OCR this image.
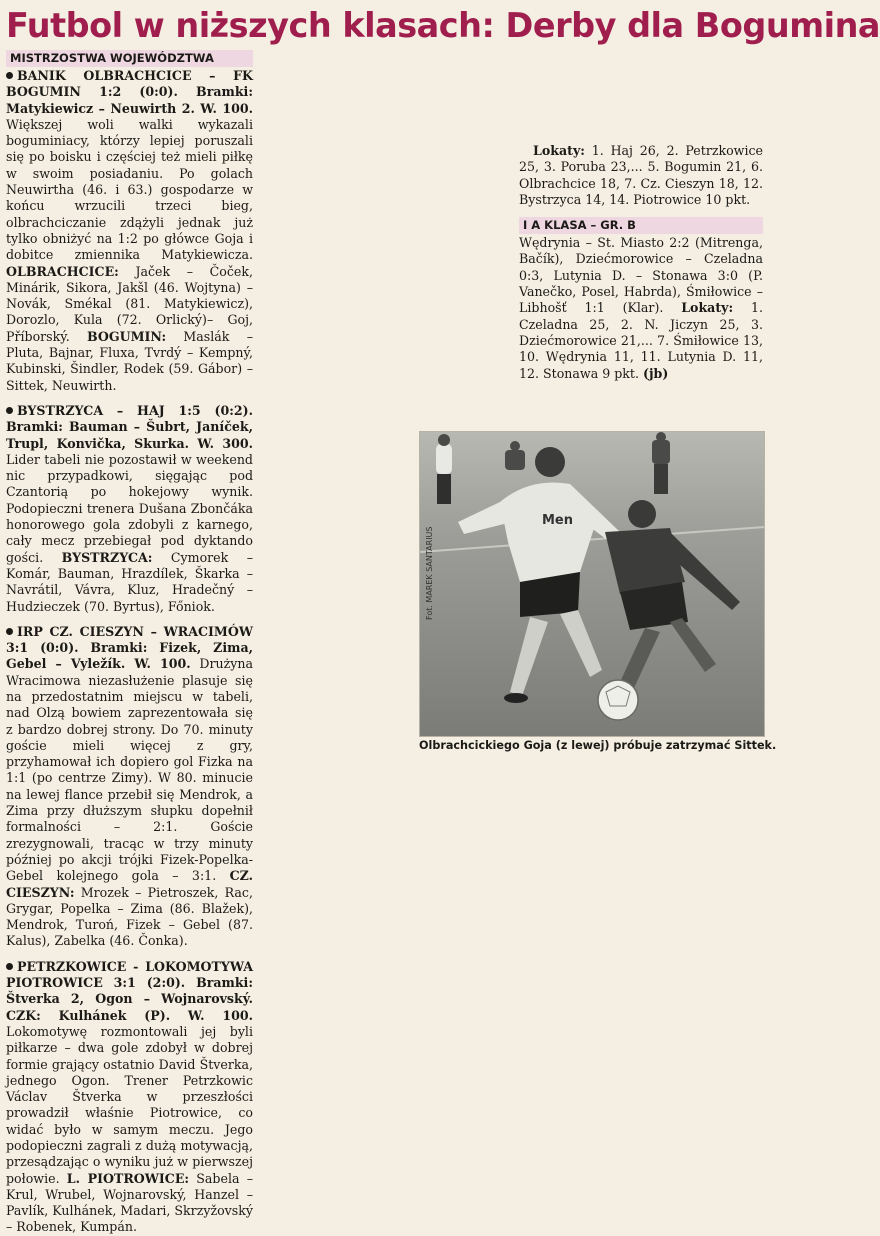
Futbol w niższych klasach: Derby dla Bogumina
MISTRZOSTWA WOJEWÓDZTWA

BANIK OLBRACHCICE – FK BOGUMIN 1:2 (0:0). Bramki: Matykiewicz – Neuwirth 2. W. 100. Większej woli walki wykazali boguminiacy, którzy lepiej poruszali się po boisku i częściej też mieli piłkę w swoim posiadaniu. Po golach Neuwirtha (46. i 63.) gospodarze w końcu wrzucili trzeci bieg, olbrachciczanie zdążyli jednak już tylko obniżyć na 1:2 po główce Goja i dobitce zmiennika Matykiewicza. OLBRACHCICE: Jaček – Čoček, Minárik, Sikora, Jakšl (46. Wojtyna) – Novák, Smékal (81. Matykiewicz), Dorozlo, Kula (72. Orlický)– Goj, Příborský. BOGUMIN: Maslák – Pluta, Bajnar, Fluxa, Tvrdý – Kempný, Kubinski, Šindler, Rodek (59. Gábor) – Sittek, Neuwirth.

BYSTRZYCA – HAJ 1:5 (0:2). Bramki: Bauman – Šubrt, Janíček, Trupl, Konvička, Skurka. W. 300. Lider tabeli nie pozostawił w weekend nic przypadkowi, sięgając pod Czantorią po hokejowy wynik. Podopieczni trenera Dušana Zbončáka honorowego gola zdobyli z karnego, cały mecz przebiegał pod dyktando gości. BYSTRZYCA: Cymorek – Komár, Bauman, Hrazdílek, Škarka – Navrátil, Vávra, Kluz, Hradečný – Hudzieczek (70. Byrtus), Főniok.

IRP CZ. CIESZYN – WRACIMÓW 3:1 (0:0). Bramki: Fizek, Zima, Gebel – Vyležík. W. 100. Drużyna Wracimowa niezasłużenie plasuje się na przedostatnim miejscu w tabeli, nad Olzą bowiem zaprezentowała się z bardzo dobrej strony. Do 70. minuty goście mieli więcej z gry, przyhamował ich dopiero gol Fizka na 1:1 (po centrze Zimy). W 80. minucie na lewej flance przebił się Mendrok, a Zima przy dłuższym słupku dopełnił formalności – 2:1. Goście zrezygnowali, tracąc w trzy minuty później po akcji trójki Fizek-Popelka-Gebel kolejnego gola – 3:1. CZ. CIESZYN: Mrozek – Pietroszek, Rac, Grygar, Popelka – Zima (86. Blažek), Mendrok, Turoń, Fizek – Gebel (87. Kalus), Zabelka (46. Čonka).

PETRZKOWICE - LOKOMOTYWA PIOTROWICE 3:1 (2:0). Bramki: Štverka 2, Ogon – Wojnarovský. CZK: Kulhánek (P). W. 100. Lokomotywę rozmontowali jej byli piłkarze – dwa gole zdobył w dobrej formie grający ostatnio David Štverka, jednego Ogon. Trener Petrzkowic Václav Štverka w przeszłości prowadził właśnie Piotrowice, co widać było w samym meczu. Jego podopieczni zagrali z dużą motywacją, przesądzając o wyniku już w pierwszej połowie. L. PIOTROWICE: Sabela – Krul, Wrubel, Wojnarovský, Hanzel – Pavlík, Kulhánek, Madari, Skrzyžovský – Robenek, Kumpán.

Lokaty: 1. Haj 26, 2. Petrzkowice 25, 3. Poruba 23,... 5. Bogumin 21, 6. Olbrachcice 18, 7. Cz. Cieszyn 18, 12. Bystrzyca 14, 14. Piotrowice 10 pkt.

I A KLASA – GR. B

Wędrynia – St. Miasto 2:2 (Mitrenga, Bačík), Dziećmorowice – Czeladna 0:3, Lutynia D. – Stonawa 3:0 (P. Vanečko, Posel, Habrda), Śmiłowice – Libhošť 1:1 (Klar). Lokaty: 1. Czeladna 25, 2. N. Jiczyn 25, 3. Dziećmorowice 21,... 7. Śmiłowice 13, 10. Wędrynia 11, 11. Lutynia D. 11, 12. Stonawa 9 pkt. (jb)

Men
Fot. MAREK SANTARIUS
Olbrachcickiego Goja (z lewej) próbuje zatrzymać Sittek.
